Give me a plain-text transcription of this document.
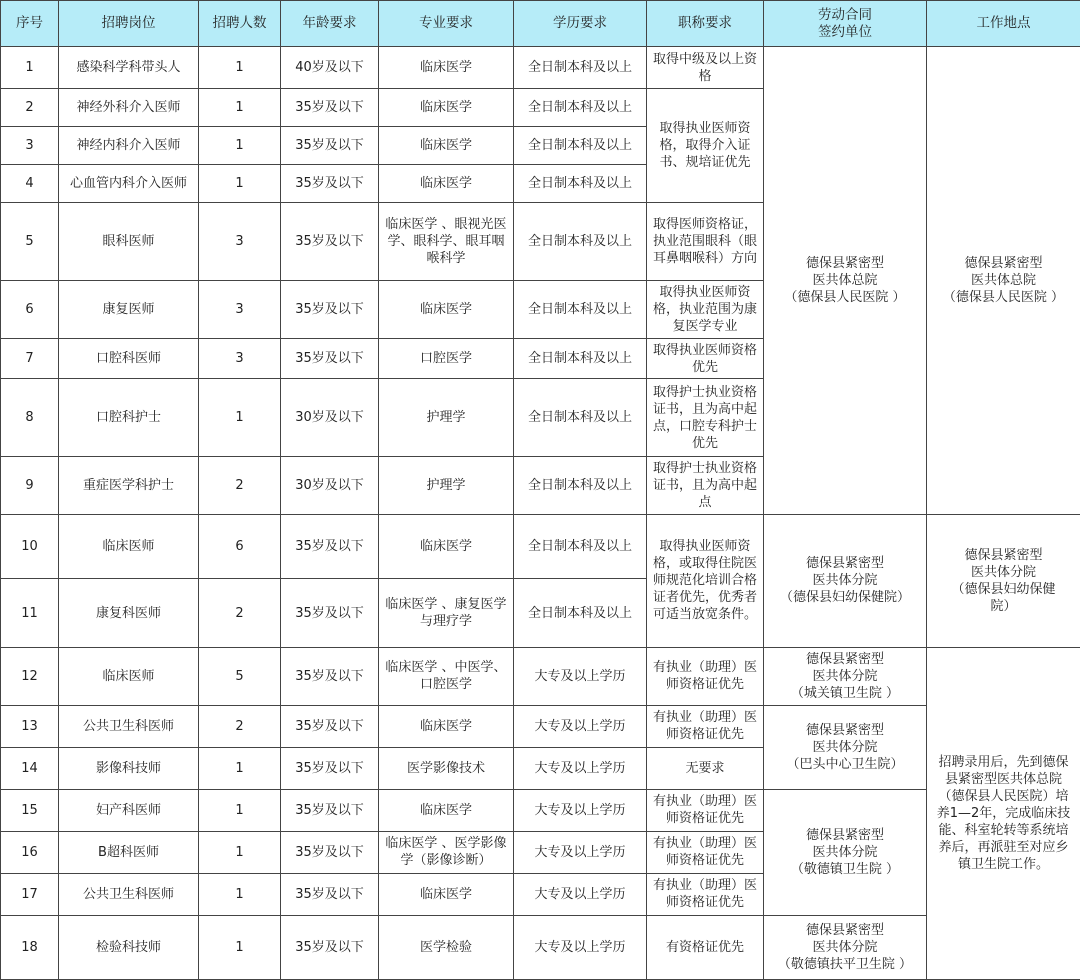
序号	招聘岗位	招聘人数	年龄要求	专业要求	学历要求	职称要求	劳动合同
签约单位	工作地点
1	感染科学科带头人	1	40岁及以下	临床医学	全日制本科及以上	取得中级及以上资格	德保县紧密型
医共体总院
（德保县人民医院 ）	德保县紧密型
医共体总院
（德保县人民医院 ）
2	神经外科介入医师	1	35岁及以下	临床医学	全日制本科及以上	取得执业医师资格，取得介入证书、规培证优先		
3	神经内科介入医师	1	35岁及以下	临床医学	全日制本科及以上			
4	心血管内科介入医师	1	35岁及以下	临床医学	全日制本科及以上			
5	眼科医师	3	35岁及以下	临床医学 、眼视光医学、眼科学、眼耳咽喉科学	全日制本科及以上	取得医师资格证，执业范围眼科（眼耳鼻咽喉科）方向		
6	康复医师	3	35岁及以下	临床医学	全日制本科及以上	取得执业医师资格，执业范围为康复医学专业		
7	口腔科医师	3	35岁及以下	口腔医学	全日制本科及以上	取得执业医师资格优先		
8	口腔科护士	1	30岁及以下	护理学	全日制本科及以上	取得护士执业资格证书，且为高中起点，口腔专科护士优先		
9	重症医学科护士	2	30岁及以下	护理学	全日制本科及以上	取得护士执业资格证书，且为高中起点		
10	临床医师	6	35岁及以下	临床医学	全日制本科及以上	取得执业医师资格，或取得住院医师规范化培训合格证者优先，优秀者可适当放宽条件。	德保县紧密型
医共体分院
（德保县妇幼保健院）	德保县紧密型
医共体分院
（德保县妇幼保健
院）
11	康复科医师	2	35岁及以下	临床医学 、康复医学与理疗学	全日制本科及以上			
12	临床医师	5	35岁及以下	临床医学 、中医学、口腔医学	大专及以上学历	有执业（助理）医师资格证优先	德保县紧密型
医共体分院
（城关镇卫生院 ）	招聘录用后，先到德保县紧密型医共体总院（德保县人民医院）培养1—2年，完成临床技能、科室轮转等系统培养后，再派驻至对应乡镇卫生院工作。
13	公共卫生科医师	2	35岁及以下	临床医学	大专及以上学历	有执业（助理）医师资格证优先	德保县紧密型
医共体分院
（巴头中心卫生院）	
14	影像科技师	1	35岁及以下	医学影像技术	大专及以上学历	无要求		
15	妇产科医师	1	35岁及以下	临床医学	大专及以上学历	有执业（助理）医师资格证优先	德保县紧密型
医共体分院
（敬德镇卫生院 ）	
16	B超科医师	1	35岁及以下	临床医学 、医学影像学（影像诊断）	大专及以上学历	有执业（助理）医师资格证优先		
17	公共卫生科医师	1	35岁及以下	临床医学	大专及以上学历	有执业（助理）医师资格证优先		
18	检验科技师	1	35岁及以下	医学检验	大专及以上学历	有资格证优先	德保县紧密型
医共体分院
（敬德镇扶平卫生院 ）	
